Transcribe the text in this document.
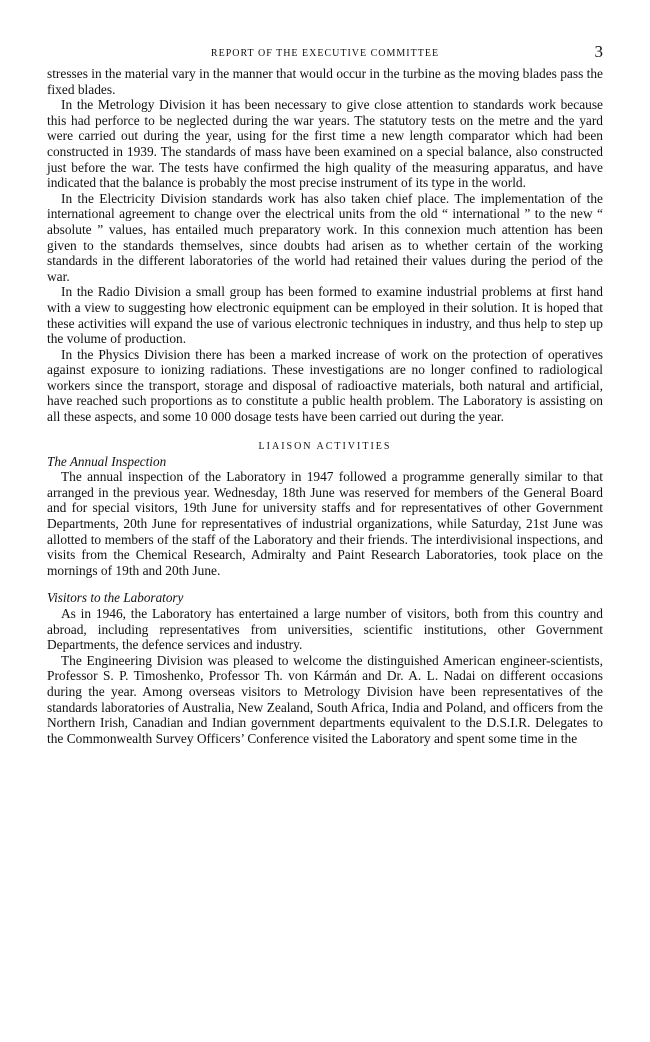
REPORT OF THE EXECUTIVE COMMITTEE	3

stresses in the material vary in the manner that would occur in the turbine as the moving blades pass the fixed blades.

In the Metrology Division it has been necessary to give close attention to standards work because this had perforce to be neglected during the war years. The statutory tests on the metre and the yard were carried out during the year, using for the first time a new length comparator which had been constructed in 1939. The standards of mass have been examined on a special balance, also constructed just before the war. The tests have confirmed the high quality of the measuring apparatus, and have indicated that the balance is probably the most precise instrument of its type in the world.

In the Electricity Division standards work has also taken chief place. The implementation of the international agreement to change over the electrical units from the old “ international ” to the new “ absolute ” values, has entailed much preparatory work. In this connexion much attention has been given to the standards themselves, since doubts had arisen as to whether certain of the working standards in the different laboratories of the world had retained their values during the period of the war.

In the Radio Division a small group has been formed to examine industrial problems at first hand with a view to suggesting how electronic equipment can be employed in their solution. It is hoped that these activities will expand the use of various electronic techniques in industry, and thus help to step up the volume of production.

In the Physics Division there has been a marked increase of work on the protection of operatives against exposure to ionizing radiations. These investigations are no longer confined to radiological workers since the transport, storage and disposal of radioactive materials, both natural and artificial, have reached such proportions as to constitute a public health problem. The Laboratory is assisting on all these aspects, and some 10 000 dosage tests have been carried out during the year.

LIAISON ACTIVITIES
The Annual Inspection

The annual inspection of the Laboratory in 1947 followed a programme generally similar to that arranged in the previous year. Wednesday, 18th June was reserved for members of the General Board and for special visitors, 19th June for university staffs and for representatives of other Government Departments, 20th June for representatives of industrial organizations, while Saturday, 21st June was allotted to members of the staff of the Laboratory and their friends. The interdivisional inspections, and visits from the Chemical Research, Admiralty and Paint Research Laboratories, took place on the mornings of 19th and 20th June.

Visitors to the Laboratory

As in 1946, the Laboratory has entertained a large number of visitors, both from this country and abroad, including representatives from universities, scientific institutions, other Government Departments, the defence services and industry.

The Engineering Division was pleased to welcome the distinguished American engineer-scientists, Professor S. P. Timoshenko, Professor Th. von Kármán and Dr. A. L. Nadai on different occasions during the year. Among overseas visitors to Metrology Division have been representatives of the standards laboratories of Australia, New Zealand, South Africa, India and Poland, and officers from the Northern Irish, Canadian and Indian government departments equivalent to the D.S.I.R. Delegates to the Commonwealth Survey Officers’ Conference visited the Laboratory and spent some time in the
